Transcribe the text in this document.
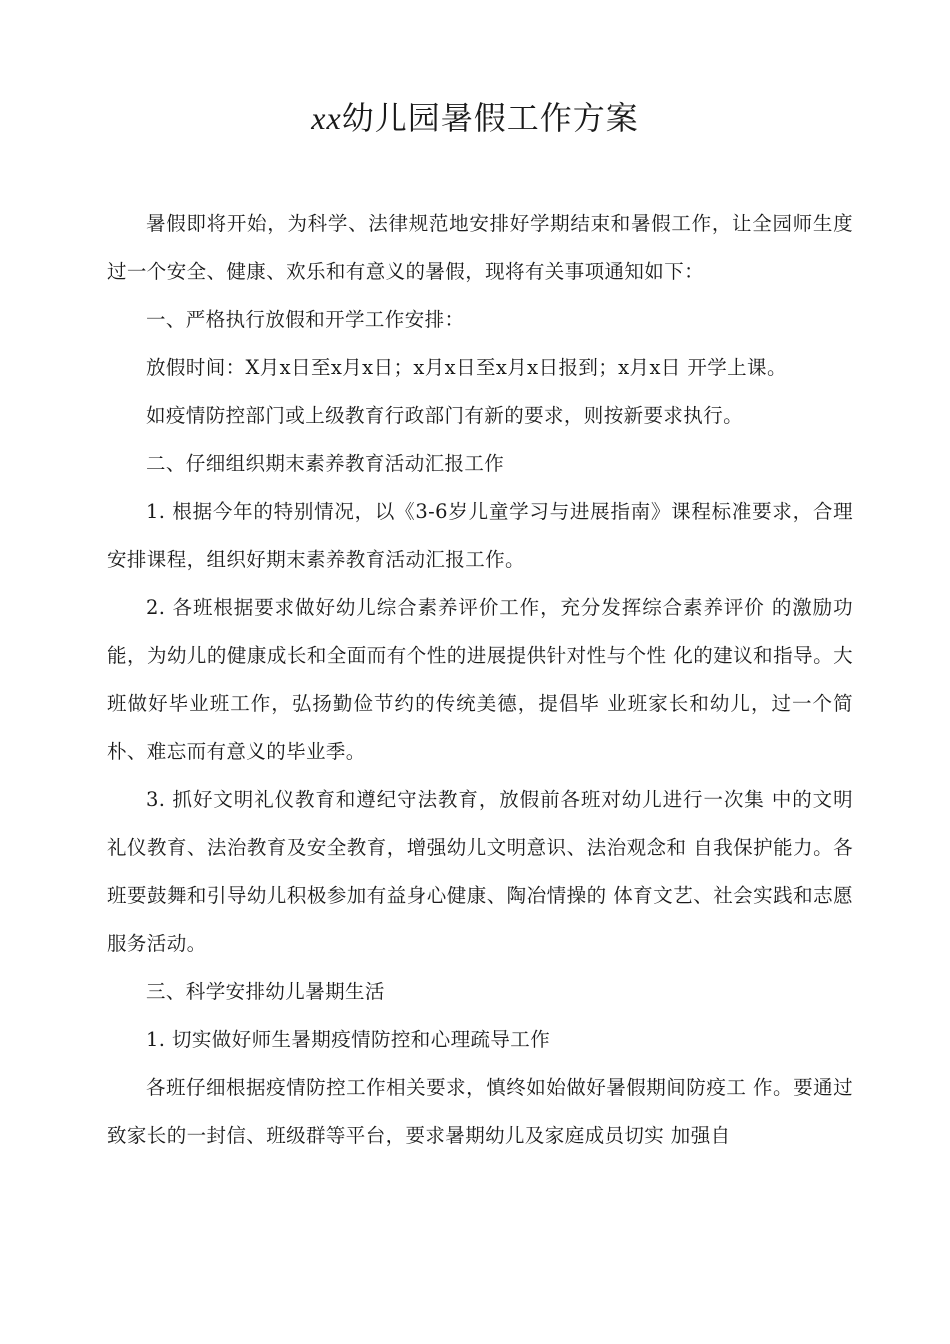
xx幼儿园暑假工作方案

暑假即将开始，为科学、法律规范地安排好学期结束和暑假工作，让全园师生度过一个安全、健康、欢乐和有意义的暑假，现将有关事项通知如下：

一、严格执行放假和开学工作安排：

放假时间：X月x日至x月x日；x月x日至x月x日报到；x月x日 开学上课。

如疫情防控部门或上级教育行政部门有新的要求，则按新要求执行。

二、仔细组织期末素养教育活动汇报工作

1. 根据今年的特别情况，以《3-6岁儿童学习与进展指南》课程标准要求，合理安排课程，组织好期末素养教育活动汇报工作。

2. 各班根据要求做好幼儿综合素养评价工作，充分发挥综合素养评价 的激励功能，为幼儿的健康成长和全面而有个性的进展提供针对性与个性 化的建议和指导。大班做好毕业班工作，弘扬勤俭节约的传统美德，提倡毕 业班家长和幼儿，过一个简朴、难忘而有意义的毕业季。

3. 抓好文明礼仪教育和遵纪守法教育，放假前各班对幼儿进行一次集 中的文明礼仪教育、法治教育及安全教育，增强幼儿文明意识、法治观念和 自我保护能力。各班要鼓舞和引导幼儿积极参加有益身心健康、陶冶情操的 体育文艺、社会实践和志愿服务活动。

三、科学安排幼儿暑期生活

1. 切实做好师生暑期疫情防控和心理疏导工作

各班仔细根据疫情防控工作相关要求，慎终如始做好暑假期间防疫工 作。要通过致家长的一封信、班级群等平台，要求暑期幼儿及家庭成员切实 加强自
